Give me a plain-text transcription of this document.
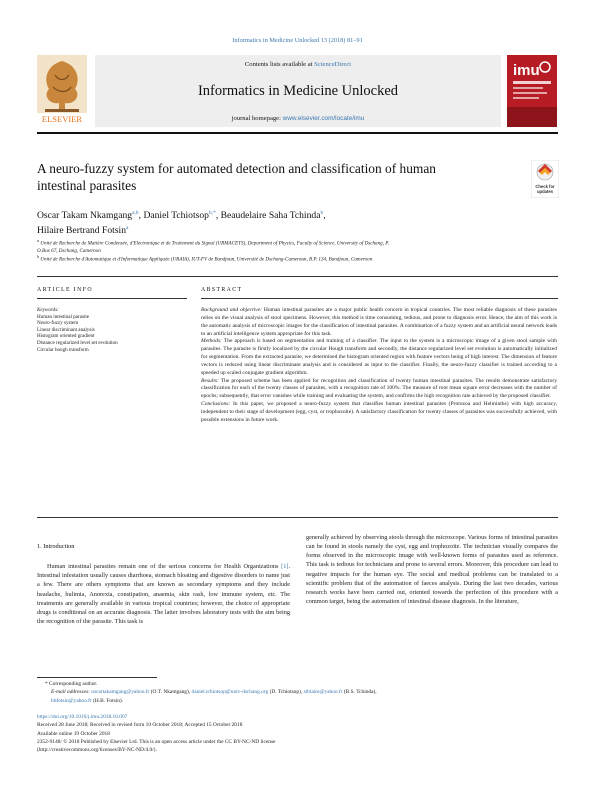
Informatics in Medicine Unlocked 13 (2018) 81–91
ELSEVIER
Contents lists available at ScienceDirect
Informatics in Medicine Unlocked
journal homepage: www.elsevier.com/locate/imu
imu
A neuro-fuzzy system for automated detection and classification of human
intestinal parasites	Check for
updates
Oscar Takam Nkamgang$^{a,b}$, Daniel Tchiotsop$^{b,*}$, Beaudelaire Saha Tchinda$^b$,
Hilaire Bertrand Fotsin$^a$
$^a$ Unité de Recherche de Matière Condensée, d'Electronique et de Traitement du Signal (URMACETS), Department of Physics, Faculty of Science, University of Dschang, P.
O.Box 67, Dschang, Cameroon
$^b$ Unité de Recherche d'Automatique et d'Informatique Appliquée (URAIA), IUT-FV de Bandjoun, Université de Dschang-Cameroun, B.P. 134, Bandjoun, Cameroon
ARTICLE INFO	ABSTRACT
Keywords:
Human intestinal parasite
Neuro-fuzzy system
Linear discriminant analysis
Histogram oriented gradient
Distance regularized level set evolution
Circular hough transform

Background and objective: Human intestinal parasites are a major public health concern in tropical countries. The most reliable diagnosis of these parasites relies on the visual analysis of stool specimens. However, this method is time consuming, tedious, and prone to diagnosis error. Hence, the aim of this work is the automatic analysis of microscopic images for the classification of intestinal parasites. A combination of a fuzzy system and an artificial neural network leads to an artificial intelligence system appropriate for this task.

Methods: The approach is based on segmentation and training of a classifier. The input to the system is a microscopic image of a given stool sample with parasites. The parasite is firstly localized by the circular Hough transform and secondly, the distance regularized level set evolution is automatically initialized for segmentation. From the extracted parasite, we determined the histogram oriented region with feature vectors being of high interest. The dimension of feature vectors is reduced using linear discriminant analysis and is considered as input to the classifier. Finally, the neuro-fuzzy classifier is trained according to a speeded up scaled conjugate gradient algorithm.

Results: The proposed scheme has been applied for recognition and classification of twenty human intestinal parasites. The results demonstrate satisfactory classification for each of the twenty classes of parasites, with a recognition rate of 100%. The measure of root mean square error decreases with the number of epochs; subsequently, that error vanishes while training and evaluating the system, and confirms the high recognition rate achieved by the proposed classifier.

Conclusions: In this paper, we proposed a neuro-fuzzy system that classifies human intestinal parasites (Protozoa and Helminths) with high accuracy, independent to their stage of development (egg, cyst, or trophozoite). A satisfactory classification for twenty classes of parasites was successfully achieved, with possible extensions in future work.

1. Introduction

Human intestinal parasites remain one of the serious concerns for Health Organizations [1]. Intestinal infestation usually causes diarrhoea, stomach bloating and digestive disorders to name just a few. There are others symptoms that are known as secondary symptoms and they include headache, bulimia, Anorexia, constipation, anaemia, skin rash, low immune system, etc. The treatments are generally available in various tropical countries; however, the choice of appropriate drugs is conditional on an accurate diagnosis. The latter involves laboratory tests with the aim being the recognition of the parasite. This task is

generally achieved by observing stools through the microscope. Various forms of intestinal parasites can be found in stools namely the cyst, egg and trophozoite. The technician visually compares the forms observed in the microscopic image with well-known forms of parasites used as reference. This task is tedious for technicians and prone to several errors. Moreover, this procedure can lead to negative impacts for the human eye. The social and medical problems can be translated to a scientific problem that of the automation of faeces analysis. During the last two decades, various research works have been carried out, oriented towards the perfection of this procedure with a common target, being the automation of intestinal disease diagnosis. In the literature,

* Corresponding author.
E-mail addresses: oscartakamgang@yahoo.fr (O.T. Nkamgang), daniel.tchiotsop@univ-dschang.org (D. Tchiotsop), stblaire@yahoo.fr (B.S. Tchinda),
hbfotsin@yahoo.fr (H.B. Fotsin).
https://doi.org/10.1016/j.imu.2018.10.007
Received 28 June 2018; Received in revised form 10 October 2018; Accepted 15 October 2018
Available online 19 October 2018
2352-9148/ © 2018 Published by Elsevier Ltd. This is an open access article under the CC BY-NC-ND license
(http://creativecommons.org/licenses/BY-NC-ND/4.0/).
